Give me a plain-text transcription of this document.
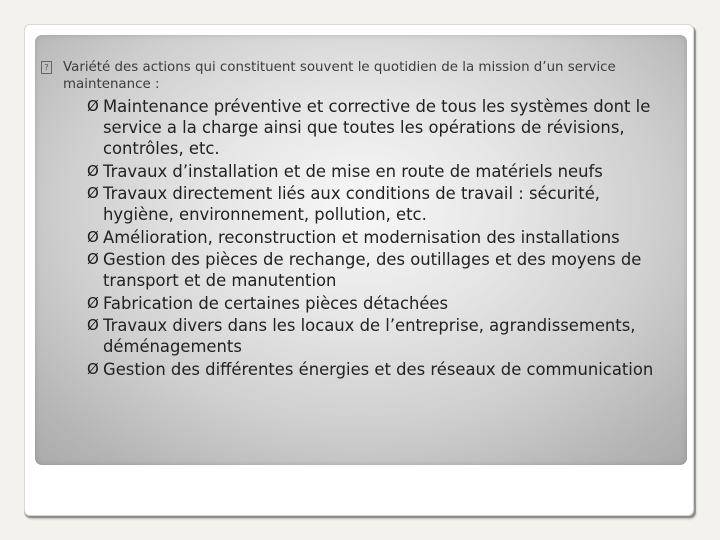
? Variété des actions qui constituent souvent le quotidien de la mission d’un service maintenance :
Ø Maintenance préventive et corrective de tous les systèmes dont le service a la charge ainsi que toutes les opérations de révisions, contrôles, etc.
Ø Travaux d’installation et de mise en route de matériels neufs
Ø Travaux directement liés aux conditions de travail : sécurité, hygiène, environnement, pollution, etc.
Ø Amélioration, reconstruction et modernisation des installations
Ø Gestion des pièces de rechange, des outillages et des moyens de transport et de manutention
Ø Fabrication de certaines pièces détachées
Ø Travaux divers dans les locaux de l’entreprise, agrandissements, déménagements
Ø Gestion des différentes énergies et des réseaux de communication
